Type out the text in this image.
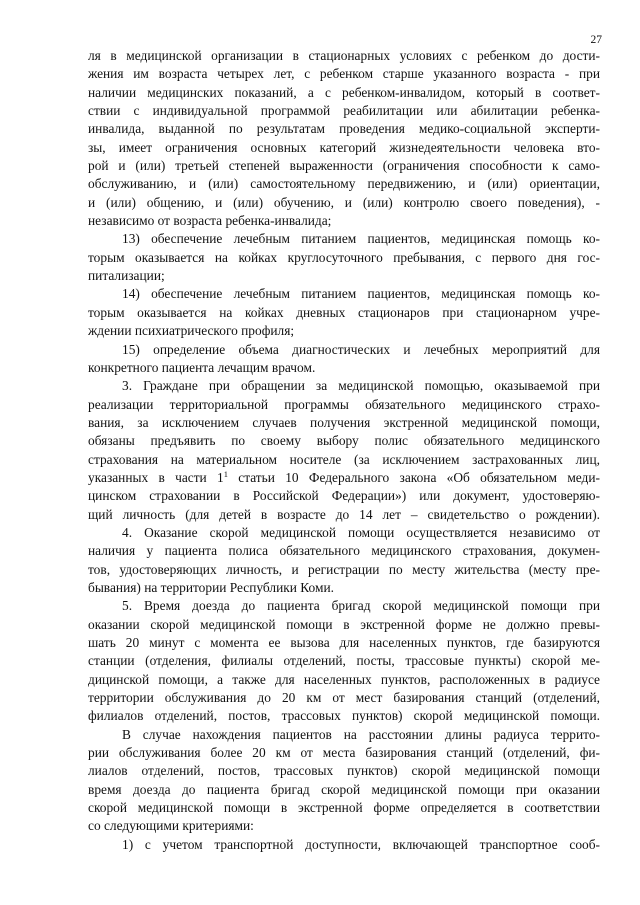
27
ля в медицинской организации в стационарных условиях с ребенком до дости-
жения им возраста четырех лет, с ребенком старше указанного возраста - при
наличии медицинских показаний, а с ребенком-инвалидом, который в соответ-
ствии с индивидуальной программой реабилитации или абилитации ребенка-
инвалида, выданной по результатам проведения медико-социальной эксперти-
зы, имеет ограничения основных категорий жизнедеятельности человека вто-
рой и (или) третьей степеней выраженности (ограничения способности к само-
обслуживанию, и (или) самостоятельному передвижению, и (или) ориентации,
и (или) общению, и (или) обучению, и (или) контролю своего поведения), -
независимо от возраста ребенка-инвалида;
13) обеспечение лечебным питанием пациентов, медицинская помощь ко-
торым оказывается на койках круглосуточного пребывания, с первого дня гос-
питализации;
14) обеспечение лечебным питанием пациентов, медицинская помощь ко-
торым оказывается на койках дневных стационаров при стационарном учре-
ждении психиатрического профиля;
15) определение объема диагностических и лечебных мероприятий для
конкретного пациента лечащим врачом.
3. Граждане при обращении за медицинской помощью, оказываемой при
реализации территориальной программы обязательного медицинского страхо-
вания, за исключением случаев получения экстренной медицинской помощи,
обязаны предъявить по своему выбору полис обязательного медицинского
страхования на материальном носителе (за исключением застрахованных лиц,
указанных в части $1^1$ статьи 10 Федерального закона «Об обязательном меди-
цинском страховании в Российской Федерации») или документ, удостоверяю-
щий личность (для детей в возрасте до 14 лет – свидетельство о рождении).
4. Оказание скорой медицинской помощи осуществляется независимо от
наличия у пациента полиса обязательного медицинского страхования, докумен-
тов, удостоверяющих личность, и регистрации по месту жительства (месту пре-
бывания) на территории Республики Коми.
5. Время доезда до пациента бригад скорой медицинской помощи при
оказании скорой медицинской помощи в экстренной форме не должно превы-
шать 20 минут с момента ее вызова для населенных пунктов, где базируются
станции (отделения, филиалы отделений, посты, трассовые пункты) скорой ме-
дицинской помощи, а также для населенных пунктов, расположенных в радиусе
территории обслуживания до 20 км от мест базирования станций (отделений,
филиалов отделений, постов, трассовых пунктов) скорой медицинской помощи.
В случае нахождения пациентов на расстоянии длины радиуса террито-
рии обслуживания более 20 км от места базирования станций (отделений, фи-
лиалов отделений, постов, трассовых пунктов) скорой медицинской помощи
время доезда до пациента бригад скорой медицинской помощи при оказании
скорой медицинской помощи в экстренной форме определяется в соответствии
со следующими критериями:
1) с учетом транспортной доступности, включающей транспортное сооб-
